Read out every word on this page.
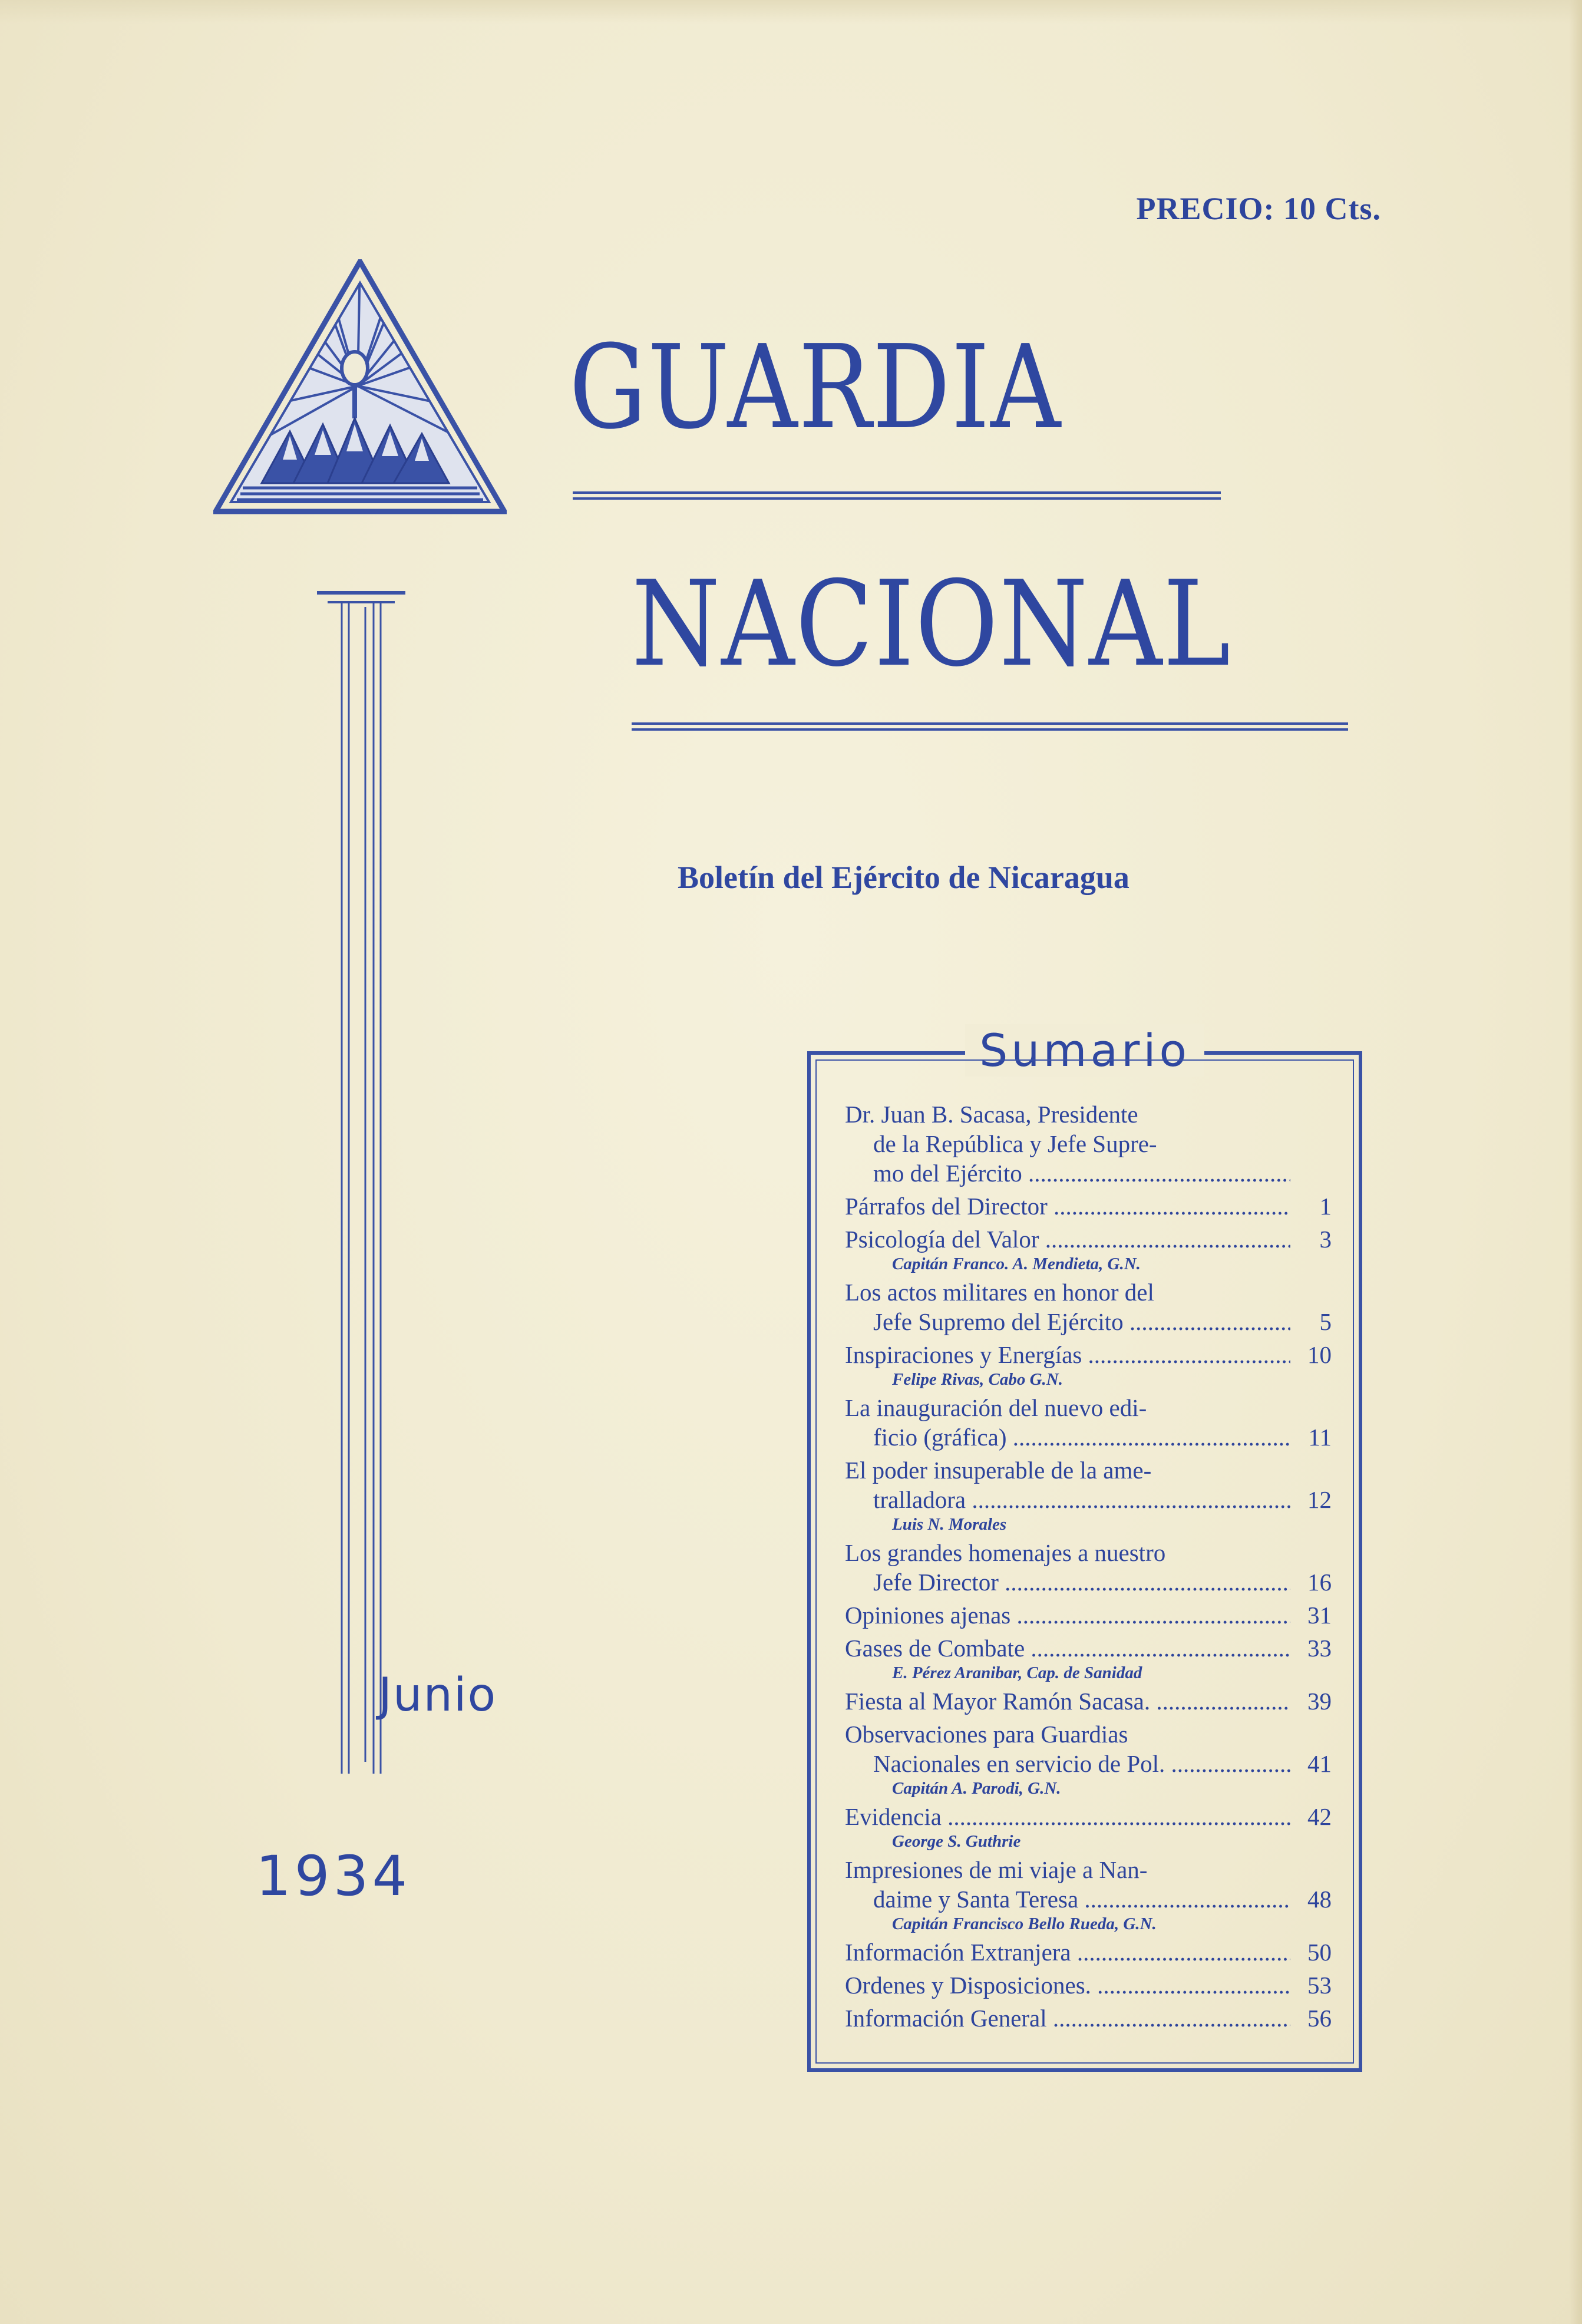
PRECIO: 10 Cts.
GUARDIA
NACIONAL
Boletín del Ejército de Nicaragua
Junio
1934
Sumario
Dr. Juan B. Sacasa, Presidente
de la República y Jefe Supre-
mo del Ejército .....
Párrafos del Director .....	1
Psicología del Valor .....	3
Capitán Franco. A. Mendieta, G.N.
Los actos militares en honor del
Jefe Supremo del Ejército .....	5
Inspiraciones y Energías .....	10
Felipe Rivas, Cabo G.N.
La inauguración del nuevo edi-
ficio (gráfica) .....	11
El poder insuperable de la ame-
tralladora .....	12
Luis N. Morales
Los grandes homenajes a nuestro
Jefe Director .....	16
Opiniones ajenas .....	31
Gases de Combate .....	33
E. Pérez Aranibar, Cap. de Sanidad
Fiesta al Mayor Ramón Sacasa. .....	39
Observaciones para Guardias
Nacionales en servicio de Pol. .....	41
Capitán A. Parodi, G.N.
Evidencia .....	42
George S. Guthrie
Impresiones de mi viaje a Nan-
daime y Santa Teresa .....	48
Capitán Francisco Bello Rueda, G.N.
Información Extranjera .....	50
Ordenes y Disposiciones. .....	53
Información General .....	56
